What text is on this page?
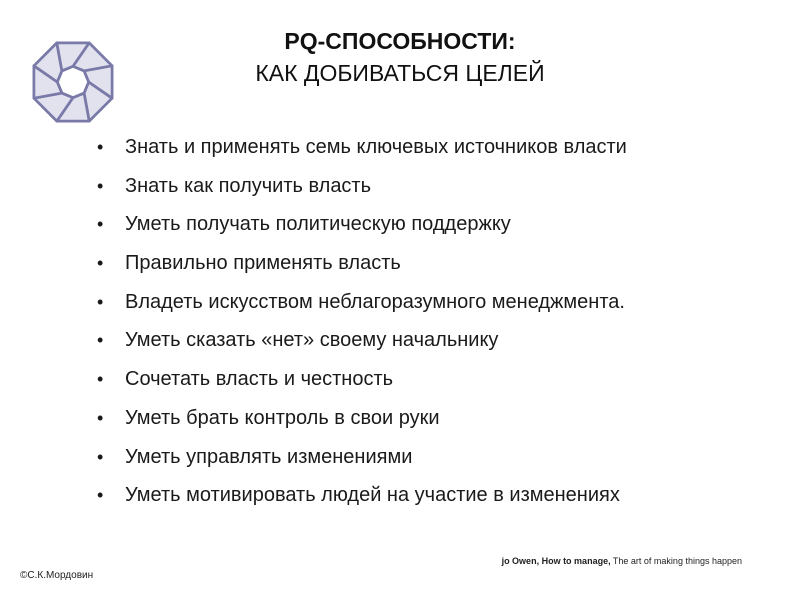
PQ-СПОСОБНОСТИ:
КАК ДОБИВАТЬСЯ ЦЕЛЕЙ
• Знать и применять семь ключевых источников власти
• Знать как получить власть
• Уметь получать политическую поддержку
• Правильно применять власть
• Владеть искусством неблагоразумного менеджмента.
• Уметь сказать «нет» своему начальнику
• Сочетать власть и честность
• Уметь брать контроль в свои руки
• Уметь управлять изменениями
• Уметь мотивировать людей на участие в изменениях
jo Owen, How to manage, The art of making things happen
©С.К.Мордовин
